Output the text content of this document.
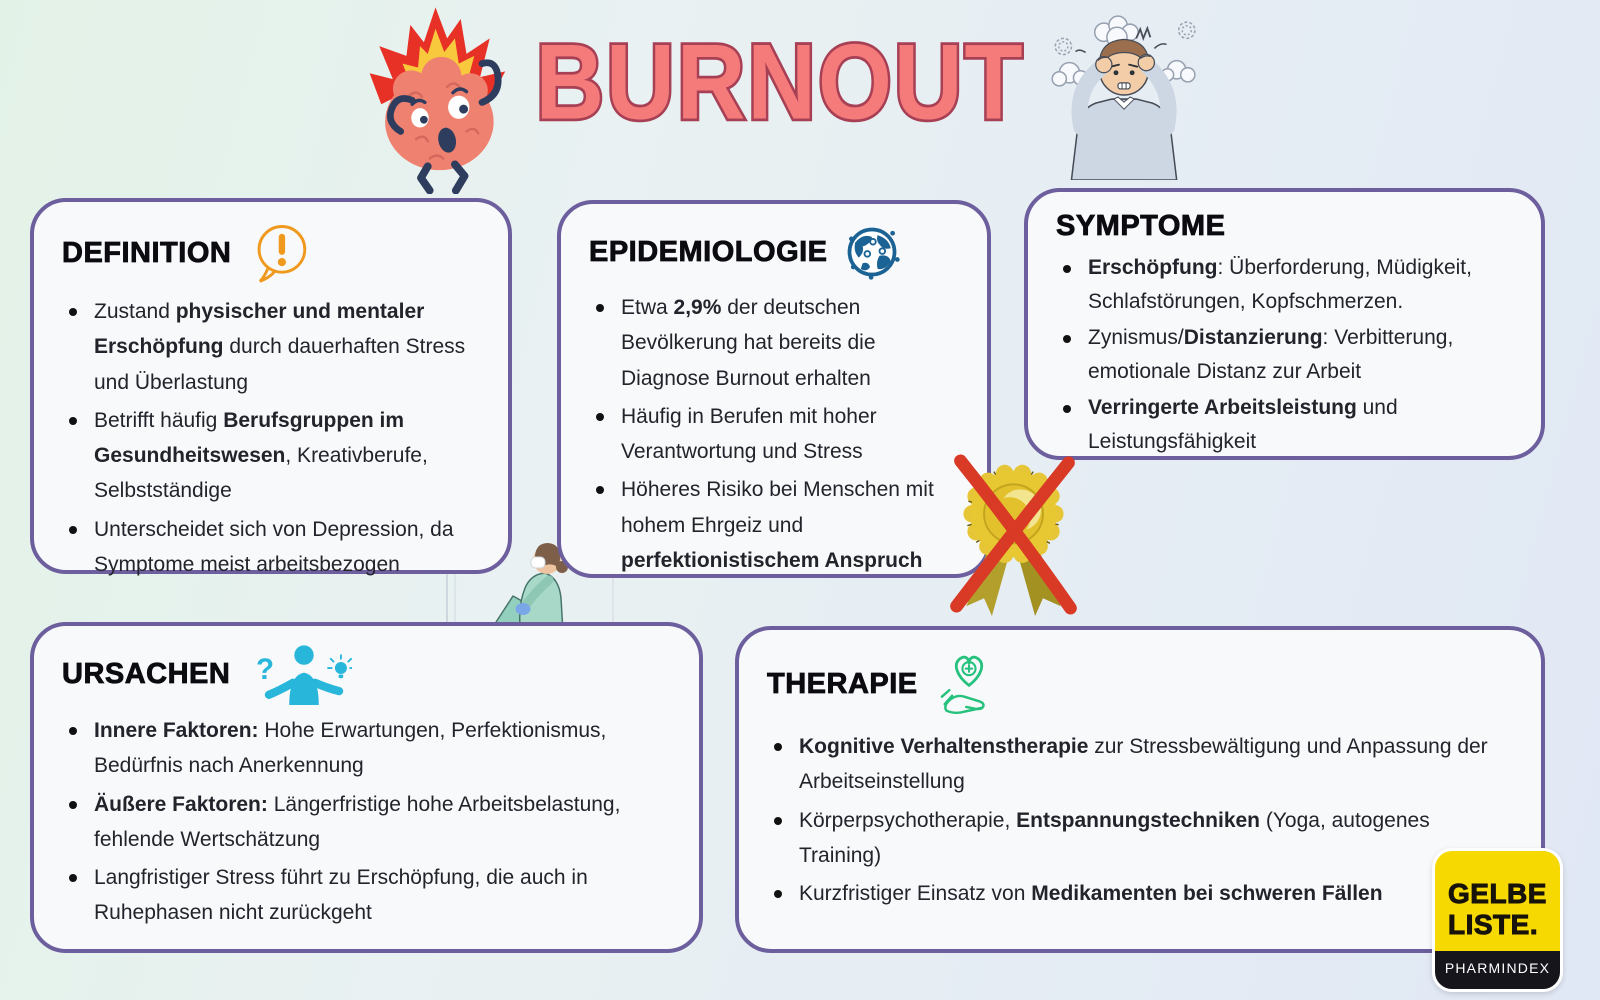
BURNOUT
DEFINITION
Zustand physischer und mentaler Erschöpfung durch dauerhaften Stress und Überlastung
Betrifft häufig Berufsgruppen im Gesundheitswesen, Kreativberufe, Selbstständige
Unterscheidet sich von Depression, da Symptome meist arbeitsbezogen
EPIDEMIOLOGIE
Etwa 2,9% der deutschen Bevölkerung hat bereits die Diagnose Burnout erhalten
Häufig in Berufen mit hoher Verantwortung und Stress
Höheres Risiko bei Menschen mit hohem Ehrgeiz und perfektionistischem Anspruch
SYMPTOME
Erschöpfung: Überforderung, Müdigkeit, Schlafstörungen, Kopfschmerzen.
Zynismus/Distanzierung: Verbitterung, emotionale Distanz zur Arbeit
Verringerte Arbeitsleistung und Leistungsfähigkeit
URSACHEN ?
Innere Faktoren: Hohe Erwartungen, Perfektionismus, Bedürfnis nach Anerkennung
Äußere Faktoren: Längerfristige hohe Arbeitsbelastung, fehlende Wertschätzung
Langfristiger Stress führt zu Erschöpfung, die auch in Ruhephasen nicht zurückgeht
THERAPIE
Kognitive Verhaltenstherapie zur Stressbewältigung und Anpassung der Arbeitseinstellung
Körperpsychotherapie, Entspannungstechniken (Yoga, autogenes Training)
Kurzfristiger Einsatz von Medikamenten bei schweren Fällen	GELBE
LISTE.
PHARMINDEX
